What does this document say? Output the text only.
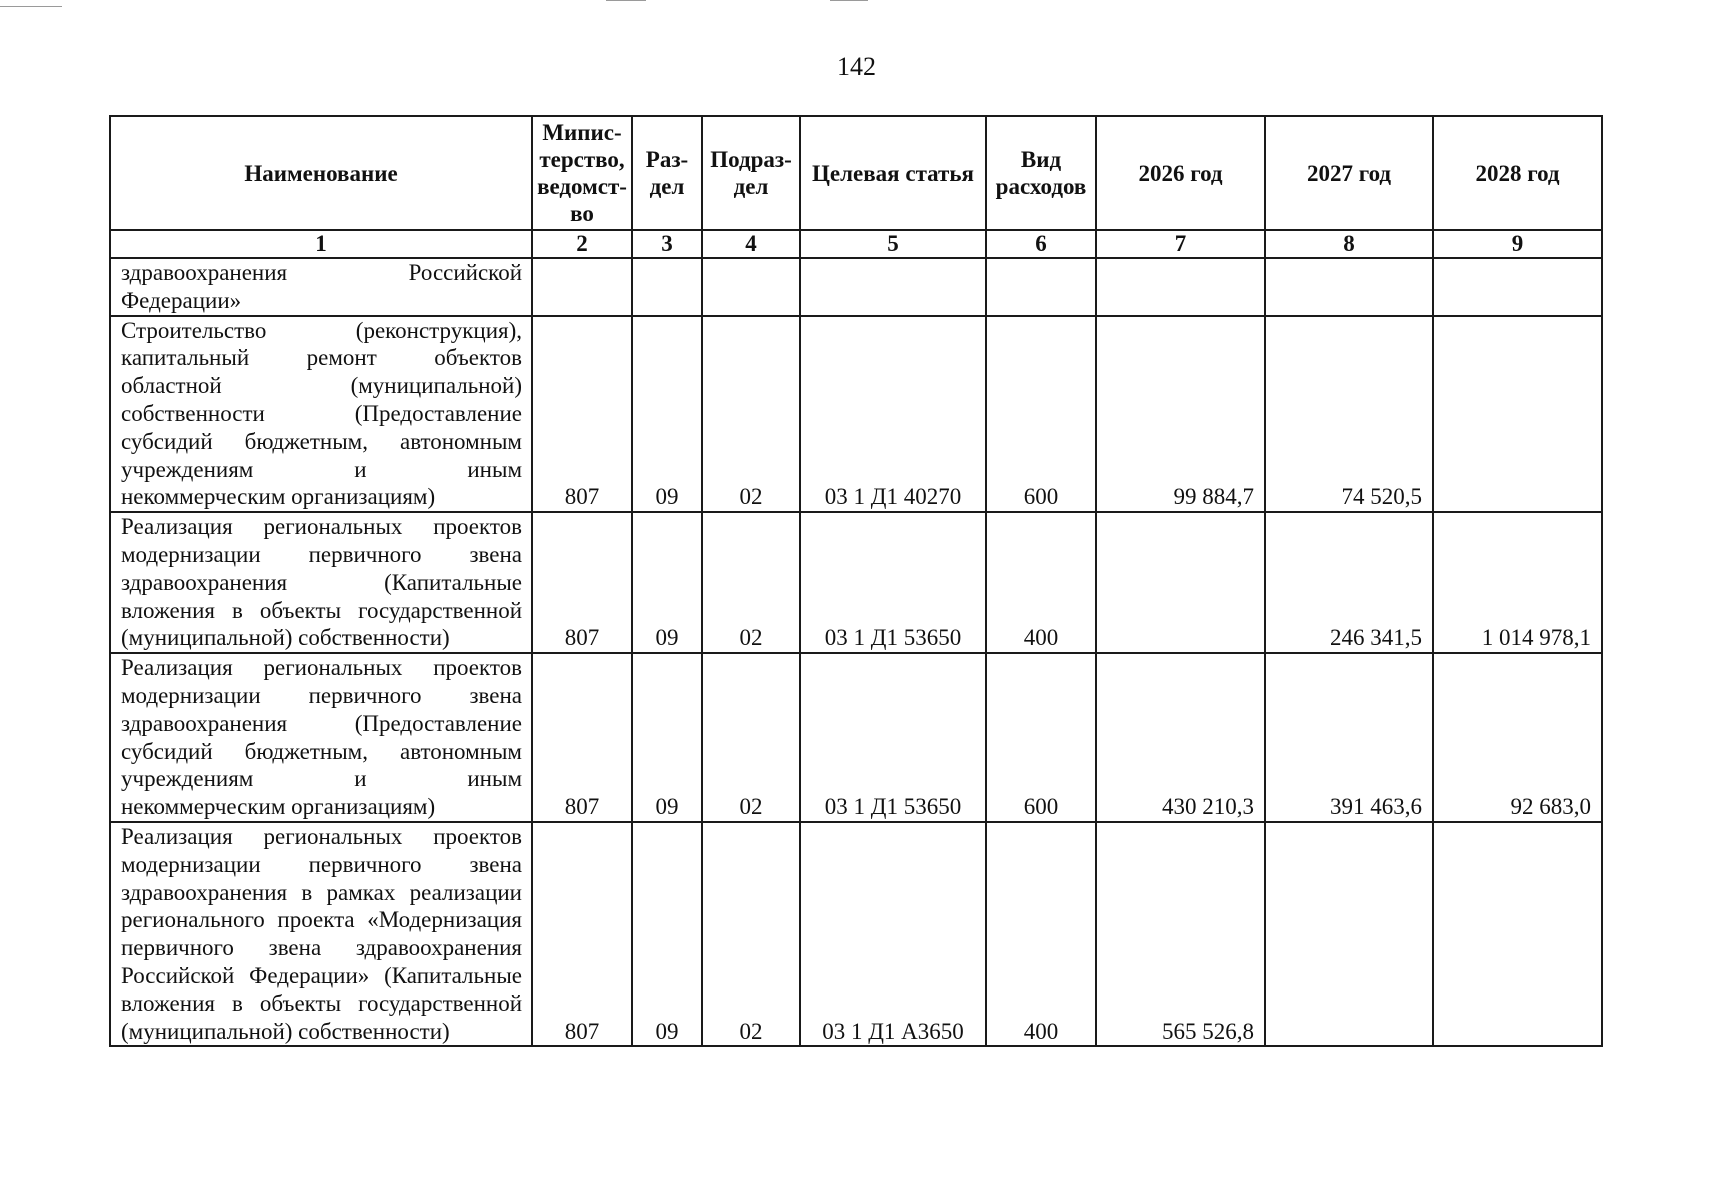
142
Наименование	Мипис-терство, ведомст-во	Раз-дел	Подраз-дел	Целевая статья	Вид расходов	2026 год	2027 год	2028 год
1	2	3	4	5	6	7	8	9
здравоохранения Российской
Федерации»								

Строительство (реконструкция), капитальный ремонт объектов областной (муниципальной) собственности (Предоставление субсидий бюджетным, автономным учреждениям и иным
некоммерческим организациям)	807	09	02	03 1 Д1 40270	600	99 884,7	74 520,5	
Реализация региональных проектов модернизации первичного звена здравоохранения (Капитальные вложения в объекты государственной
(муниципальной) собственности)	807	09	02	03 1 Д1 53650	400		246 341,5	1 014 978,1
Реализация региональных проектов модернизации первичного звена здравоохранения (Предоставление субсидий бюджетным, автономным учреждениям и иным
некоммерческим организациям)	807	09	02	03 1 Д1 53650	600	430 210,3	391 463,6	92 683,0
Реализация региональных проектов модернизации первичного звена здравоохранения в рамках реализации регионального проекта «Модернизация первичного звена здравоохранения Российской Федерации» (Капитальные вложения в объекты государственной
(муниципальной) собственности)	807	09	02	03 1 Д1 А3650	400	565 526,8		
